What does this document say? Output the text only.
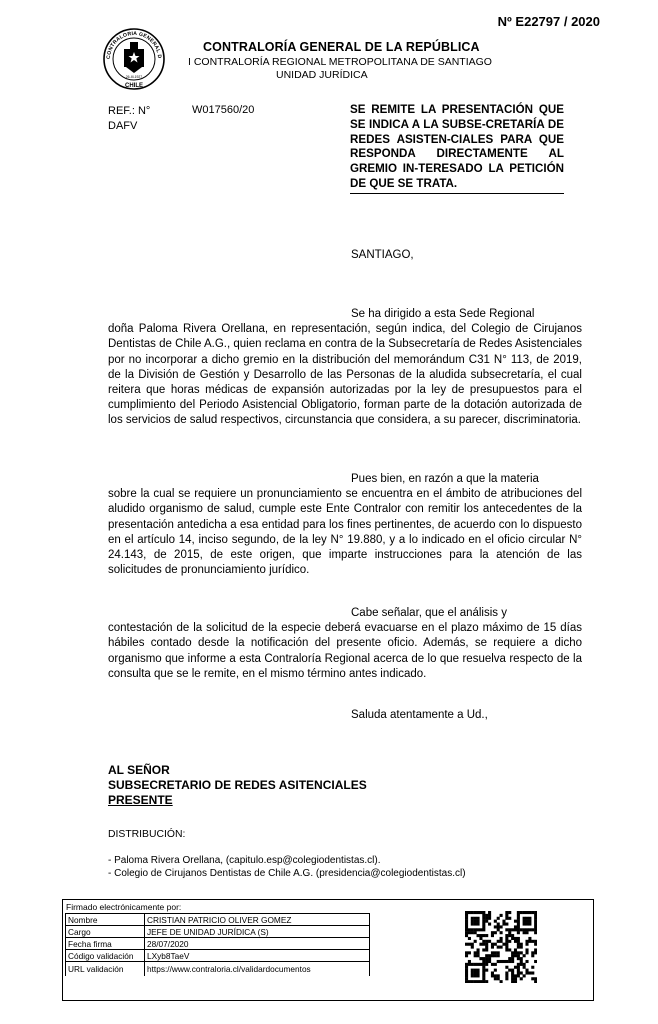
Nº E22797 / 2020
CONTRALORIA GENERAL D
CHILE
26-III-1927
CONTRALORÍA GENERAL DE LA REPÚBLICA
I CONTRALORÍA REGIONAL METROPOLITANA DE SANTIAGO
UNIDAD JURÍDICA
REF.: N°
DAFV
W017560/20	SE REMITE LA PRESENTACIÓN QUE SE INDICA A LA SUBSE-CRETARÍA DE REDES ASISTEN-CIALES PARA QUE RESPONDA DIRECTAMENTE AL GREMIO IN-TERESADO LA PETICIÓN DE QUE SE TRATA.
SANTIAGO,
Se ha dirigido a esta Sede Regional
doña Paloma Rivera Orellana, en representación, según indica, del Colegio de Cirujanos Dentistas de Chile A.G., quien reclama en contra de la Subsecretaría de Redes Asistenciales por no incorporar a dicho gremio en la distribución del memorándum C31 N° 113, de 2019, de la División de Gestión y Desarrollo de las Personas de la aludida subsecretaría, el cual reitera que horas médicas de expansión autorizadas por la ley de presupuestos para el cumplimiento del Periodo Asistencial Obligatorio, forman parte de la dotación autorizada de los servicios de salud respectivos, circunstancia que considera, a su parecer, discriminatoria.
Pues bien, en razón a que la materia
sobre la cual se requiere un pronunciamiento se encuentra en el ámbito de atribuciones del aludido organismo de salud, cumple este Ente Contralor con remitir los antecedentes de la presentación antedicha a esa entidad para los fines pertinentes, de acuerdo con lo dispuesto en el artículo 14, inciso segundo, de la ley N° 19.880, y a lo indicado en el oficio circular N° 24.143, de 2015, de este origen, que imparte instrucciones para la atención de las solicitudes de pronunciamiento jurídico.
Cabe señalar, que el análisis y
contestación de la solicitud de la especie deberá evacuarse en el plazo máximo de 15 días hábiles contado desde la notificación del presente oficio. Además, se requiere a dicho organismo que informe a esta Contraloría Regional acerca de lo que resuelva respecto de la consulta que se le remite, en el mismo término antes indicado.
Saluda atentamente a Ud.,
AL SEÑOR
SUBSECRETARIO DE REDES ASITENCIALES
PRESENTE
DISTRIBUCIÓN:
- Paloma Rivera Orellana, (capitulo.esp@colegiodentistas.cl).
- Colegio de Cirujanos Dentistas de Chile A.G. (presidencia@colegiodentistas.cl)
Firmado electrónicamente por:
Nombre	CRISTIAN PATRICIO OLIVER GOMEZ
Cargo	JEFE DE UNIDAD JURÍDICA (S)
Fecha firma	28/07/2020
Código validación	LXyb8TaeV
URL validación	https://www.contraloria.cl/validardocumentos
